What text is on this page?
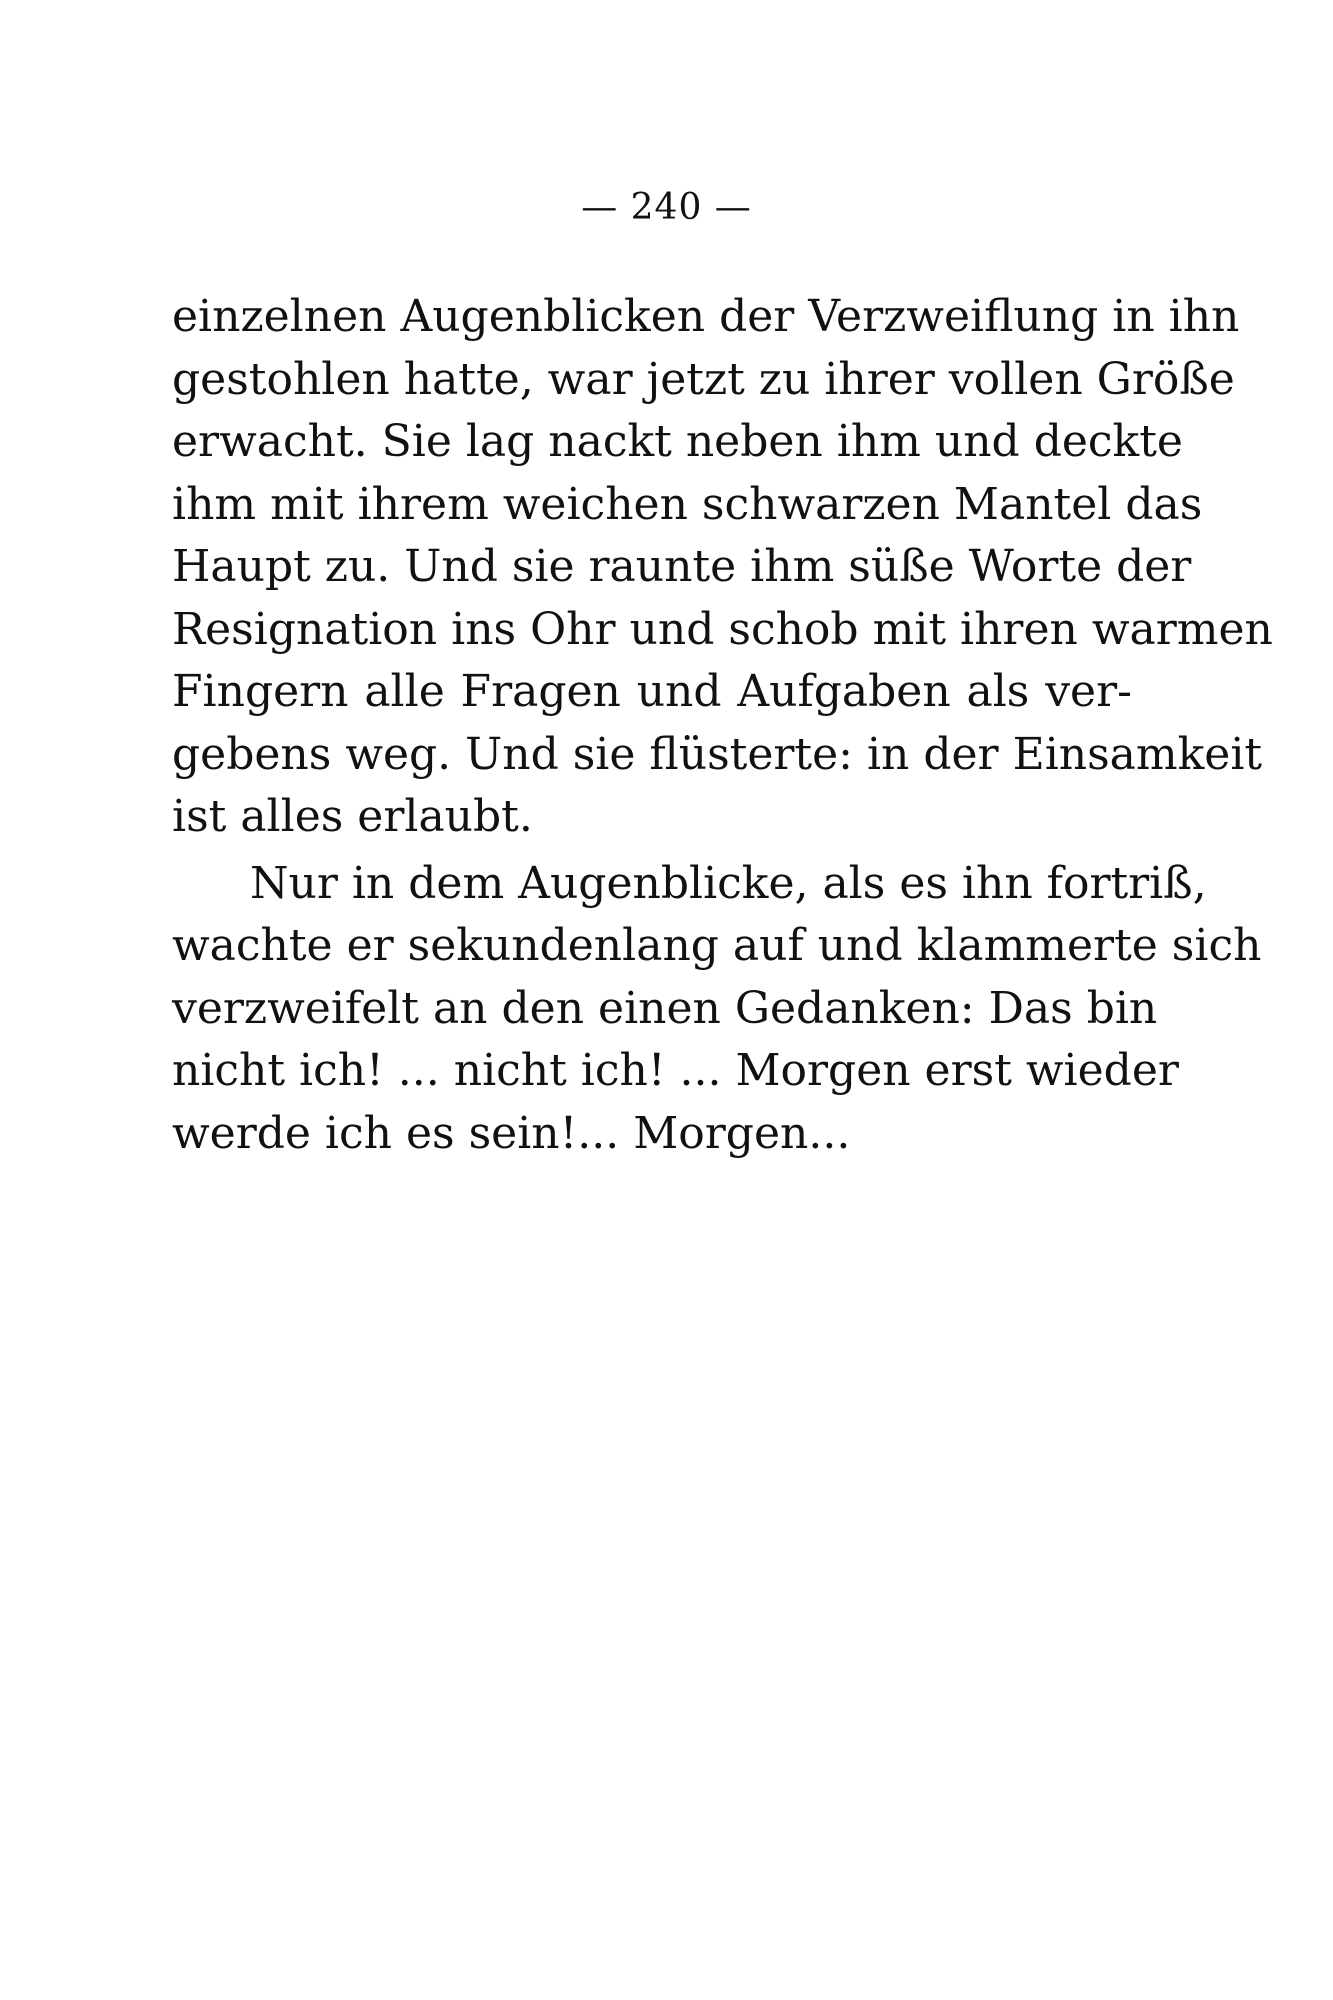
— 240 —
einzelnen Augenblicken der Verzweiflung in ihn
gestohlen hatte, war jetzt zu ihrer vollen Größe
erwacht. Sie lag nackt neben ihm und deckte
ihm mit ihrem weichen schwarzen Mantel das
Haupt zu. Und sie raunte ihm süße Worte der
Resignation ins Ohr und schob mit ihren warmen
Fingern alle Fragen und Aufgaben als ver-
gebens weg. Und sie flüsterte: in der Einsamkeit
ist alles erlaubt.
Nur in dem Augenblicke, als es ihn fortriß,
wachte er sekundenlang auf und klammerte sich
verzweifelt an den einen Gedanken: Das bin
nicht ich! ... nicht ich! ... Morgen erst wieder
werde ich es sein!... Morgen...
